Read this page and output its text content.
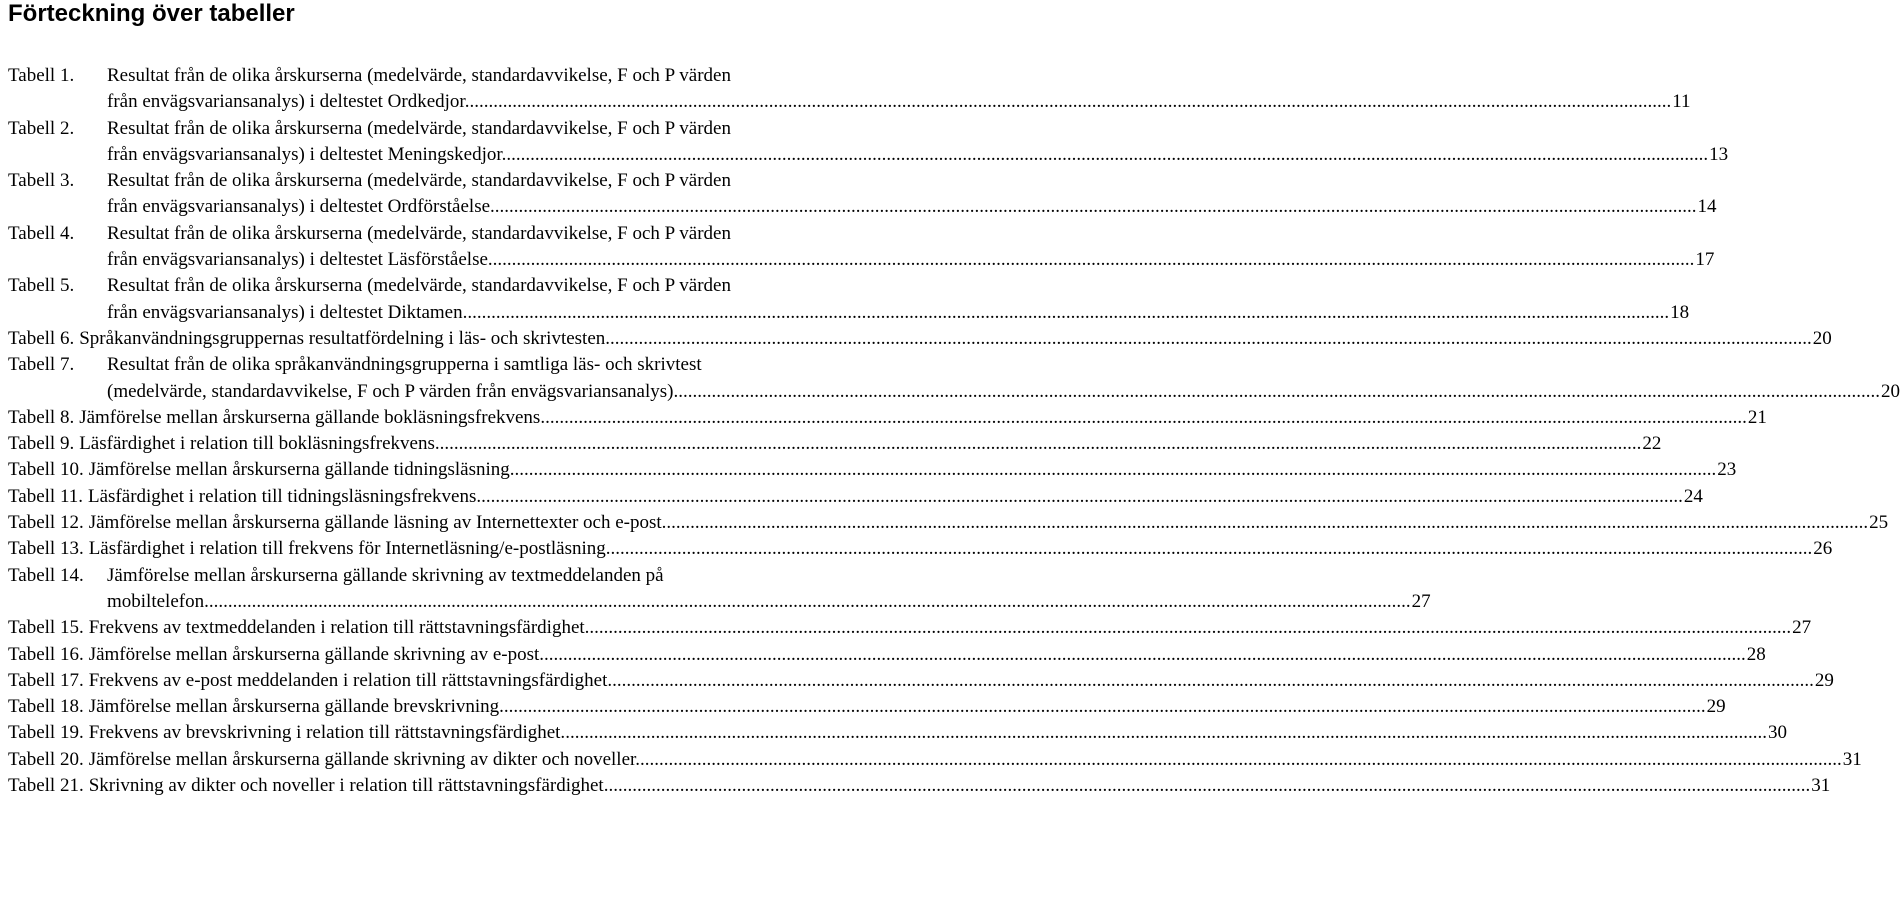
Förteckning över tabeller
Tabell 1.	Resultat från de olika årskurserna (medelvärde, standardavvikelse, F och P värden
från envägsvariansanalys) i deltestet Ordkedjor. .....	11
Tabell 2.	Resultat från de olika årskurserna (medelvärde, standardavvikelse, F och P värden
från envägsvariansanalys) i deltestet Meningskedjor. .....	13
Tabell 3.	Resultat från de olika årskurserna (medelvärde, standardavvikelse, F och P värden
från envägsvariansanalys) i deltestet Ordförståelse. .....	14
Tabell 4.	Resultat från de olika årskurserna (medelvärde, standardavvikelse, F och P värden
från envägsvariansanalys) i deltestet Läsförståelse. .....	17
Tabell 5.	Resultat från de olika årskurserna (medelvärde, standardavvikelse, F och P värden
från envägsvariansanalys) i deltestet Diktamen. .....	18
Tabell 6. Språkanvändningsgruppernas resultatfördelning i läs- och skrivtesten. .....	20
Tabell 7.	Resultat från de olika språkanvändningsgrupperna i samtliga läs- och skrivtest
(medelvärde, standardavvikelse, F och P värden från envägsvariansanalys). .....	20
Tabell 8. Jämförelse mellan årskurserna gällande bokläsningsfrekvens. .....	21
Tabell 9. Läsfärdighet i relation till bokläsningsfrekvens. .....	22
Tabell 10. Jämförelse mellan årskurserna gällande tidningsläsning. .....	23
Tabell 11. Läsfärdighet i relation till tidningsläsningsfrekvens. .....	24
Tabell 12. Jämförelse mellan årskurserna gällande läsning av Internettexter och e-post. .....	25
Tabell 13. Läsfärdighet i relation till frekvens för Internetläsning/e-postläsning. .....	26
Tabell 14.	Jämförelse mellan årskurserna gällande skrivning av textmeddelanden på
mobiltelefon. .....	27
Tabell 15. Frekvens av textmeddelanden i relation till rättstavningsfärdighet. .....	27
Tabell 16. Jämförelse mellan årskurserna gällande skrivning av e-post. .....	28
Tabell 17. Frekvens av e-post meddelanden i relation till rättstavningsfärdighet. .....	29
Tabell 18. Jämförelse mellan årskurserna gällande brevskrivning. .....	29
Tabell 19. Frekvens av brevskrivning i relation till rättstavningsfärdighet. .....	30
Tabell 20. Jämförelse mellan årskurserna gällande skrivning av dikter och noveller. .....	31
Tabell 21. Skrivning av dikter och noveller i relation till rättstavningsfärdighet. .....	31
